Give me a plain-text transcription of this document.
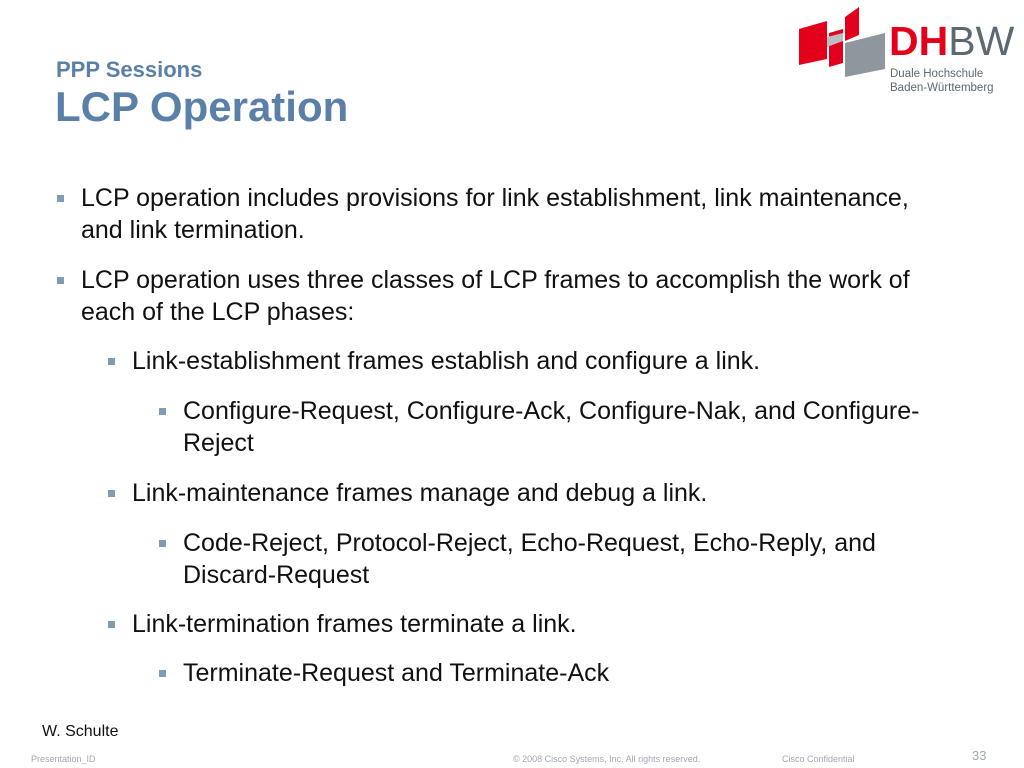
PPP Sessions
LCP Operation
DHBW
Duale Hochschule
Baden-Württemberg
LCP operation includes provisions for link establishment, link maintenance, and link termination.
LCP operation uses three classes of LCP frames to accomplish the work of each of the LCP phases:
Link-establishment frames establish and configure a link.
Configure-Request, Configure-Ack, Configure-Nak, and Configure-Reject
Link-maintenance frames manage and debug a link.
Code-Reject, Protocol-Reject, Echo-Request, Echo-Reply, and Discard-Request
Link-termination frames terminate a link.
Terminate-Request and Terminate-Ack
W. Schulte
Presentation_ID	© 2008 Cisco Systems, Inc. All rights reserved.	Cisco Confidential	33
